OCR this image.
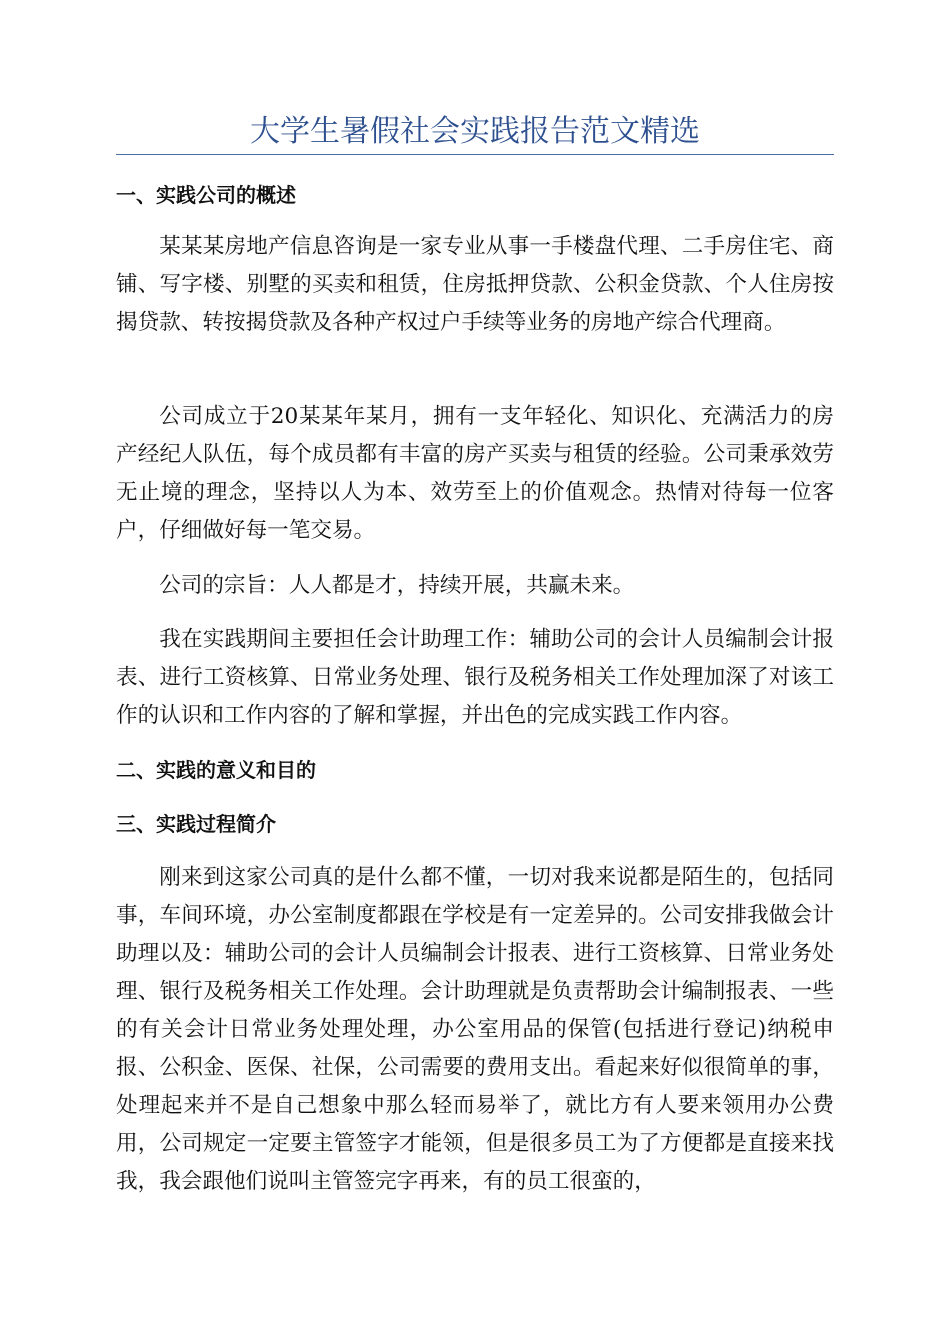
大学生暑假社会实践报告范文精选
一、实践公司的概述

某某某房地产信息咨询是一家专业从事一手楼盘代理、二手房住宅、商铺、写字楼、别墅的买卖和租赁，住房抵押贷款、公积金贷款、个人住房按揭贷款、转按揭贷款及各种产权过户手续等业务的房地产综合代理商。

公司成立于20某某年某月，拥有一支年轻化、知识化、充满活力的房产经纪人队伍，每个成员都有丰富的房产买卖与租赁的经验。公司秉承效劳无止境的理念，坚持以人为本、效劳至上的价值观念。热情对待每一位客户，仔细做好每一笔交易。

公司的宗旨：人人都是才，持续开展，共赢未来。

我在实践期间主要担任会计助理工作：辅助公司的会计人员编制会计报表、进行工资核算、日常业务处理、银行及税务相关工作处理加深了对该工作的认识和工作内容的了解和掌握，并出色的完成实践工作内容。

二、实践的意义和目的
三、实践过程简介

刚来到这家公司真的是什么都不懂，一切对我来说都是陌生的，包括同事，车间环境，办公室制度都跟在学校是有一定差异的。公司安排我做会计助理以及：辅助公司的会计人员编制会计报表、进行工资核算、日常业务处理、银行及税务相关工作处理。会计助理就是负责帮助会计编制报表、一些的有关会计日常业务处理处理，办公室用品的保管(包括进行登记)纳税申报、公积金、医保、社保，公司需要的费用支出。看起来好似很简单的事，处理起来并不是自己想象中那么轻而易举了，就比方有人要来领用办公费用，公司规定一定要主管签字才能领，但是很多员工为了方便都是直接来找我，我会跟他们说叫主管签完字再来，有的员工很蛮的，
